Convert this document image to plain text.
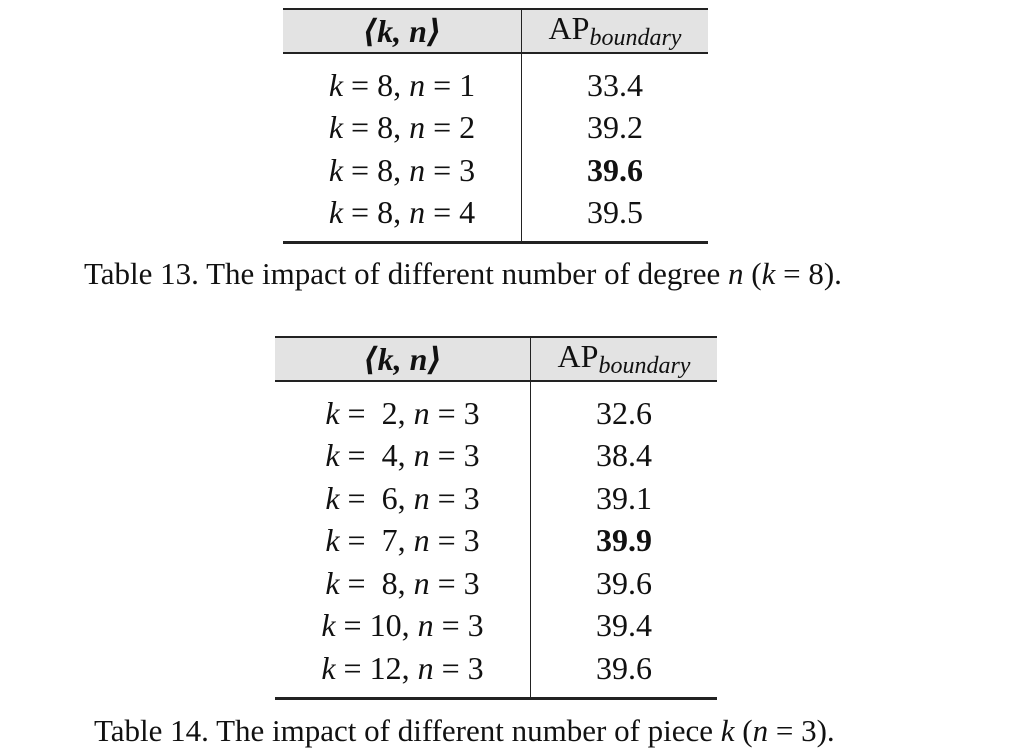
⟨k, n⟩	APboundary
k = 8, n = 1	33.4
k = 8, n = 2	39.2
k = 8, n = 3	39.6
k = 8, n = 4	39.5
Table 13. The impact of different number of degree n (k = 8).
⟨k, n⟩	APboundary
k =  2, n = 3	32.6
k =  4, n = 3	38.4
k =  6, n = 3	39.1
k =  7, n = 3	39.9
k =  8, n = 3	39.6
k = 10, n = 3	39.4
k = 12, n = 3	39.6
Table 14. The impact of different number of piece k (n = 3).
